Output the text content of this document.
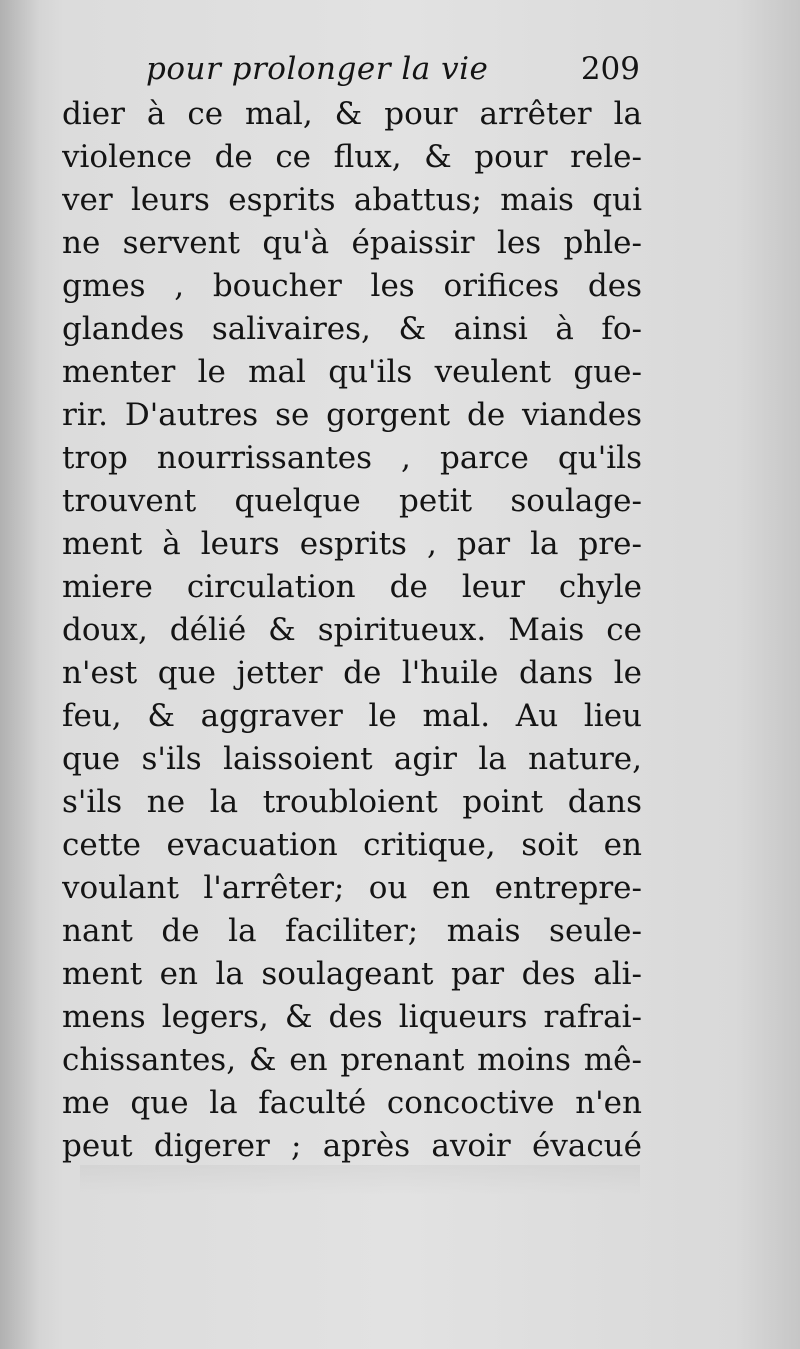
pour prolonger la vie	209
dier à ce mal, & pour arrêter la
violence de ce flux, & pour rele-
ver leurs esprits abattus; mais qui
ne servent qu'à épaissir les phle-
gmes , boucher les orifices des
glandes salivaires, & ainsi à fo-
menter le mal qu'ils veulent gue-
rir. D'autres se gorgent de viandes
trop nourrissantes , parce qu'ils
trouvent quelque petit soulage-
ment à leurs esprits , par la pre-
miere circulation de leur chyle
doux, délié & spiritueux. Mais ce
n'est que jetter de l'huile dans le
feu, & aggraver le mal. Au lieu
que s'ils laissoient agir la nature,
s'ils ne la troubloient point dans
cette evacuation critique, soit en
voulant l'arrêter; ou en entrepre-
nant de la faciliter; mais seule-
ment en la soulageant par des ali-
mens legers, & des liqueurs rafrai-
chissantes, & en prenant moins mê-
me que la faculté concoctive n'en
peut digerer ; après avoir évacué
